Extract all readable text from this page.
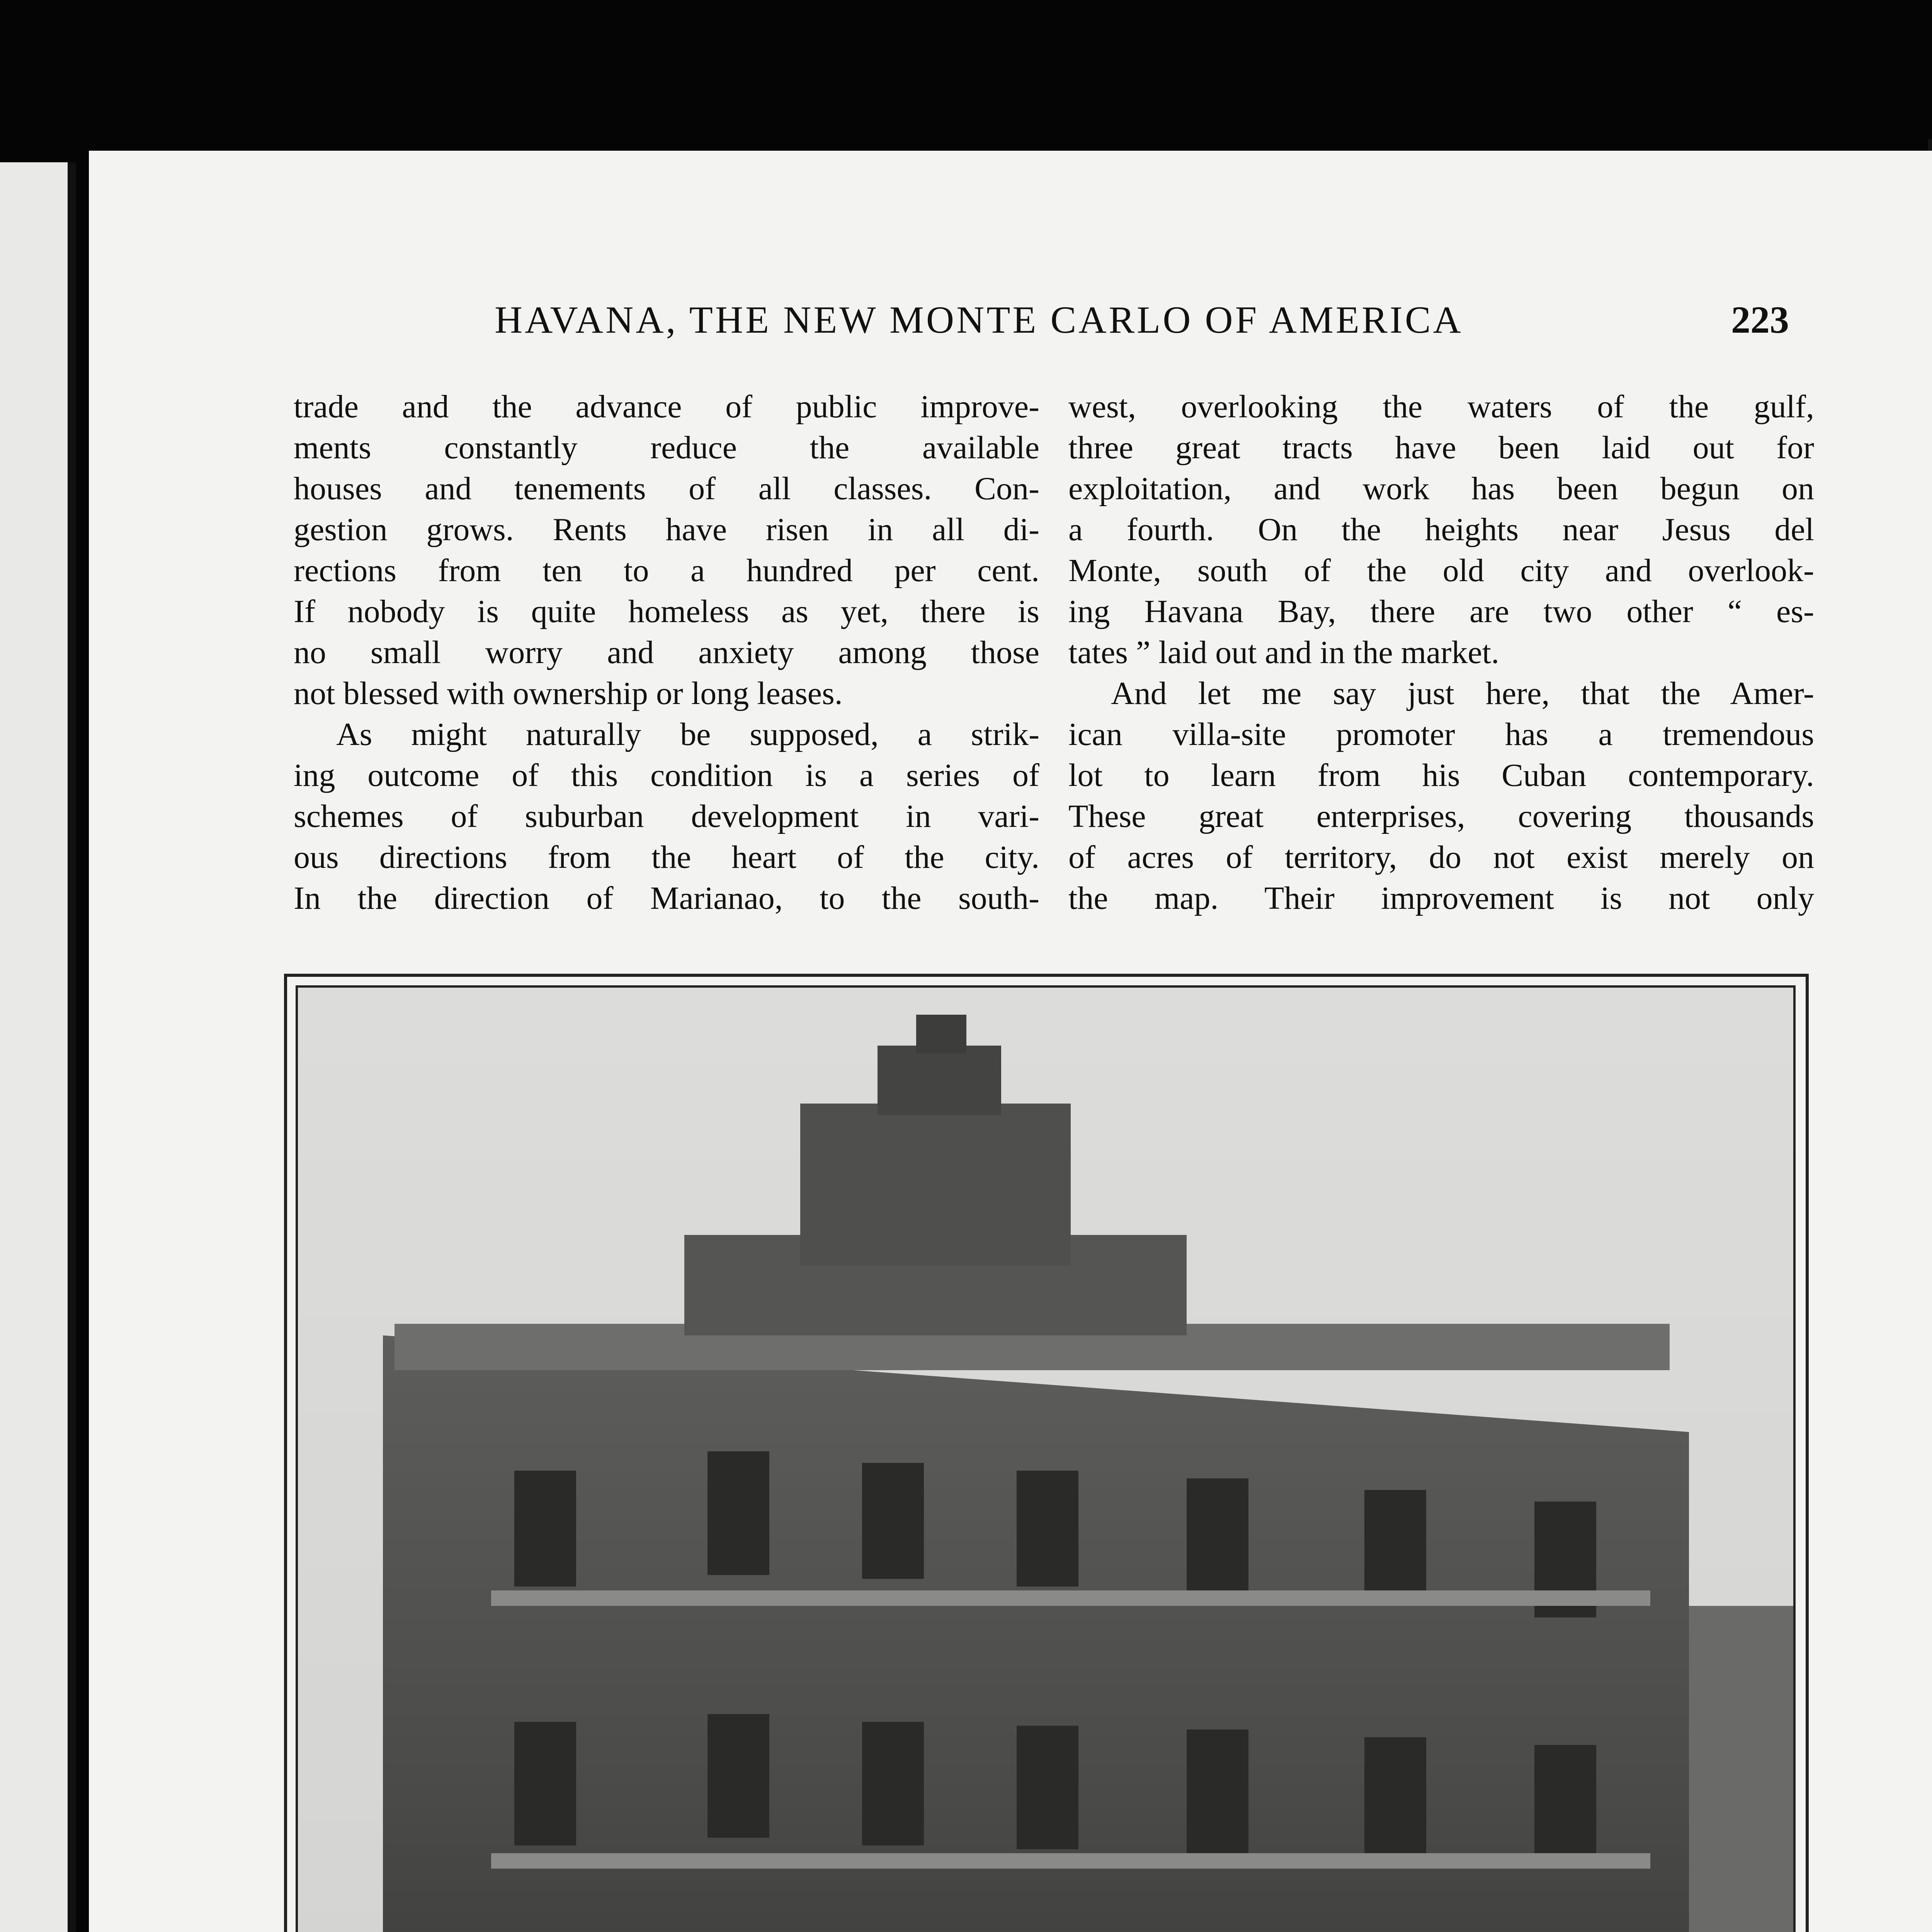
HAVANA, THE NEW MONTE CARLO OF AMERICA	223
trade and the advance of public improve-
ments constantly reduce the available
houses and tenements of all classes. Con-
gestion grows. Rents have risen in all di-
rections from ten to a hundred per cent.
If nobody is quite homeless as yet, there is
no small worry and anxiety among those
not blessed with ownership or long leases.
As might naturally be supposed, a strik-
ing outcome of this condition is a series of
schemes of suburban development in vari-
ous directions from the heart of the city.
In the direction of Marianao, to the south-
west, overlooking the waters of the gulf,
three great tracts have been laid out for
exploitation, and work has been begun on
a fourth. On the heights near Jesus del
Monte, south of the old city and overlook-
ing Havana Bay, there are two other “ es-
tates ” laid out and in the market.
And let me say just here, that the Amer-
ican villa-site promoter has a tremendous
lot to learn from his Cuban contemporary.
These great enterprises, covering thousands
of acres of territory, do not exist merely on
the map. Their improvement is not only
